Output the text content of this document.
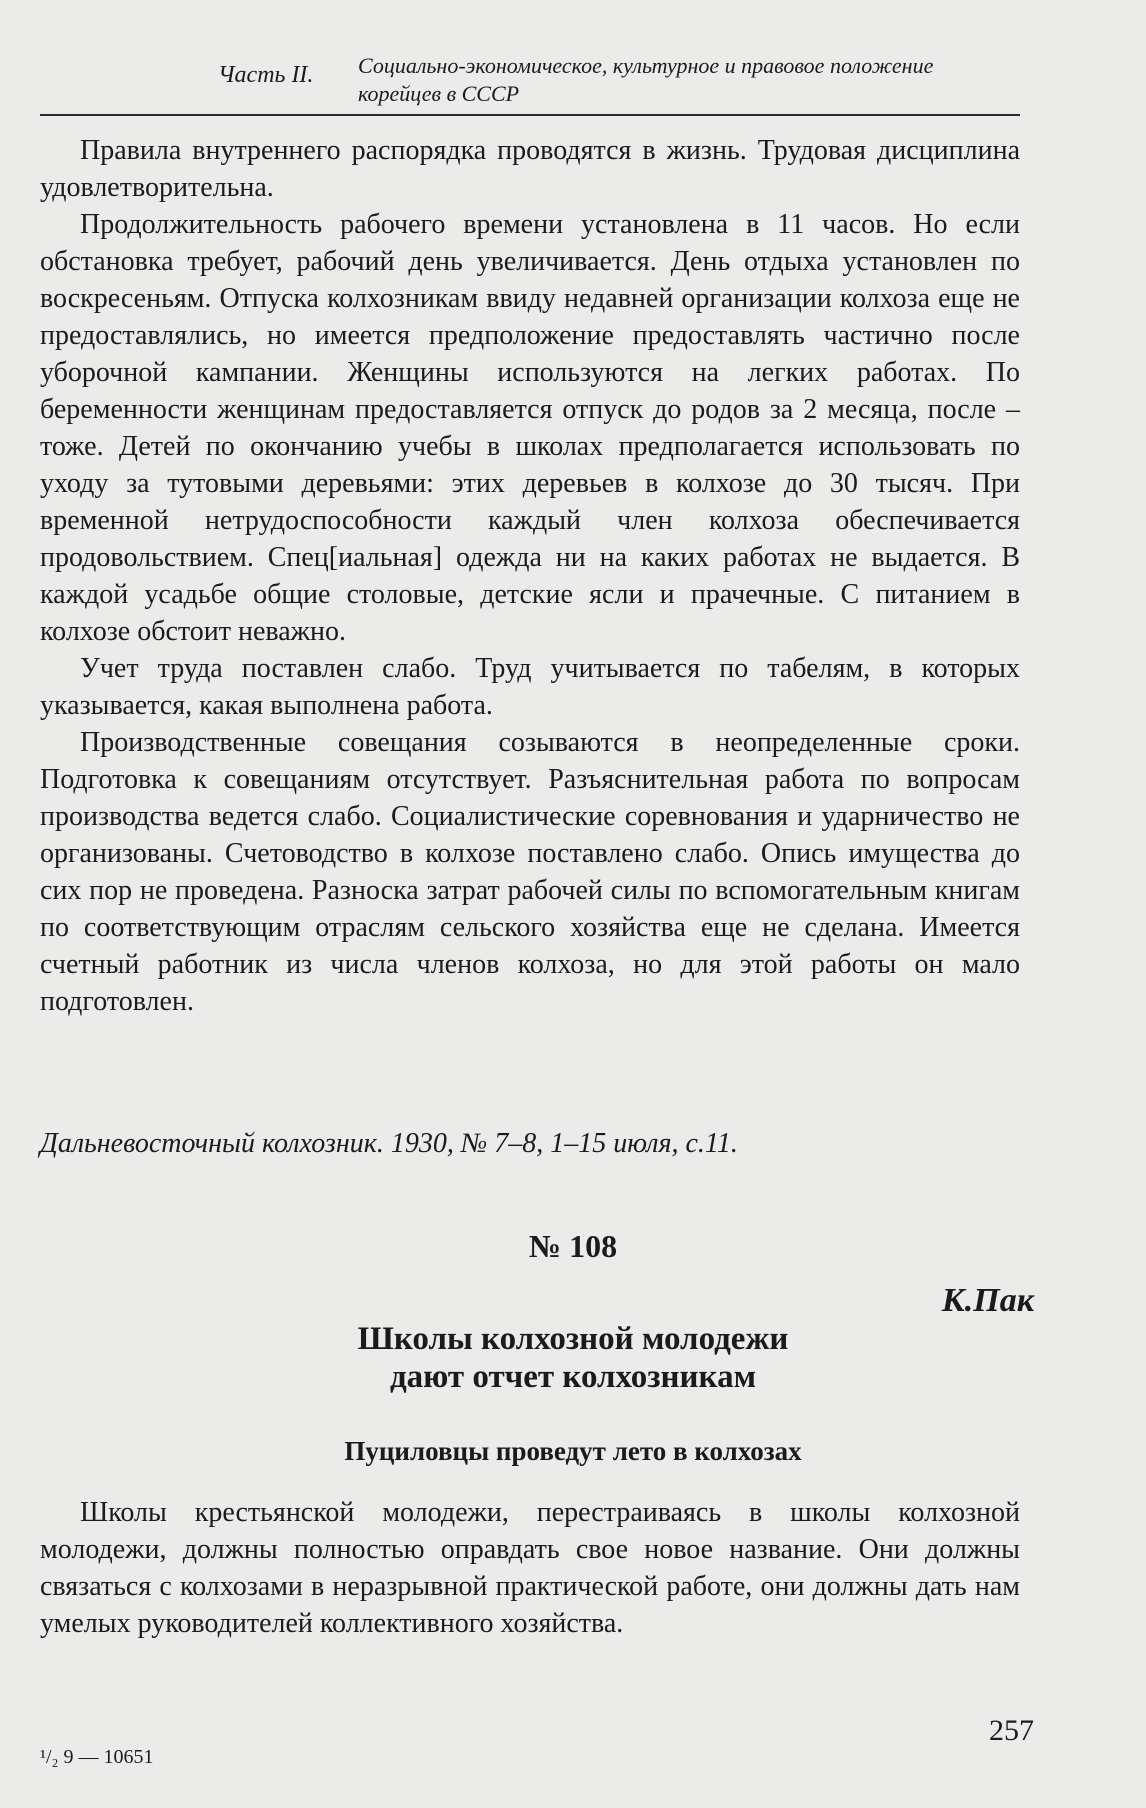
Часть II. Социально-экономическое, культурное и правовое положение
корейцев в СССР

Правила внутреннего распорядка проводятся в жизнь. Трудовая дисциплина удовлетворительна.

Продолжительность рабочего времени установлена в 11 часов. Но если обстановка требует, рабочий день увеличивается. День отдыха установлен по воскресеньям. Отпуска колхозникам ввиду недавней организации колхоза еще не предоставлялись, но имеется предположение предоставлять частично после уборочной кампании. Женщины используются на легких работах. По беременности женщинам предоставляется отпуск до родов за 2 месяца, после – тоже. Детей по окончанию учебы в школах предполагается использовать по уходу за тутовыми деревьями: этих деревьев в колхозе до 30 тысяч. При временной нетрудоспособности каждый член колхоза обеспечивается продовольствием. Спец[иальная] одежда ни на каких работах не выдается. В каждой усадьбе общие столовые, детские ясли и прачечные. С питанием в колхозе обстоит неважно.

Учет труда поставлен слабо. Труд учитывается по табелям, в которых указывается, какая выполнена работа.

Производственные совещания созываются в неопределенные сроки. Подготовка к совещаниям отсутствует. Разъяснительная работа по вопросам производства ведется слабо. Социалистические соревнования и ударничество не организованы. Счетоводство в колхозе поставлено слабо. Опись имущества до сих пор не проведена. Разноска затрат рабочей силы по вспомогательным книгам по соответствующим отраслям сельского хозяйства еще не сделана. Имеется счетный работник из числа членов колхоза, но для этой работы он мало подготовлен.

Дальневосточный колхозник. 1930, № 7–8, 1–15 июля, с.11.
№ 108
К.Пак
Школы колхозной молодежи
дают отчет колхозникам
Пуциловцы проведут лето в колхозах

Школы крестьянской молодежи, перестраиваясь в школы колхозной молодежи, должны полностью оправдать свое новое название. Они должны связаться с колхозами в неразрывной практической работе, они должны дать нам умелых руководителей коллективного хозяйства.

¹/₂ 9 — 10651
257
